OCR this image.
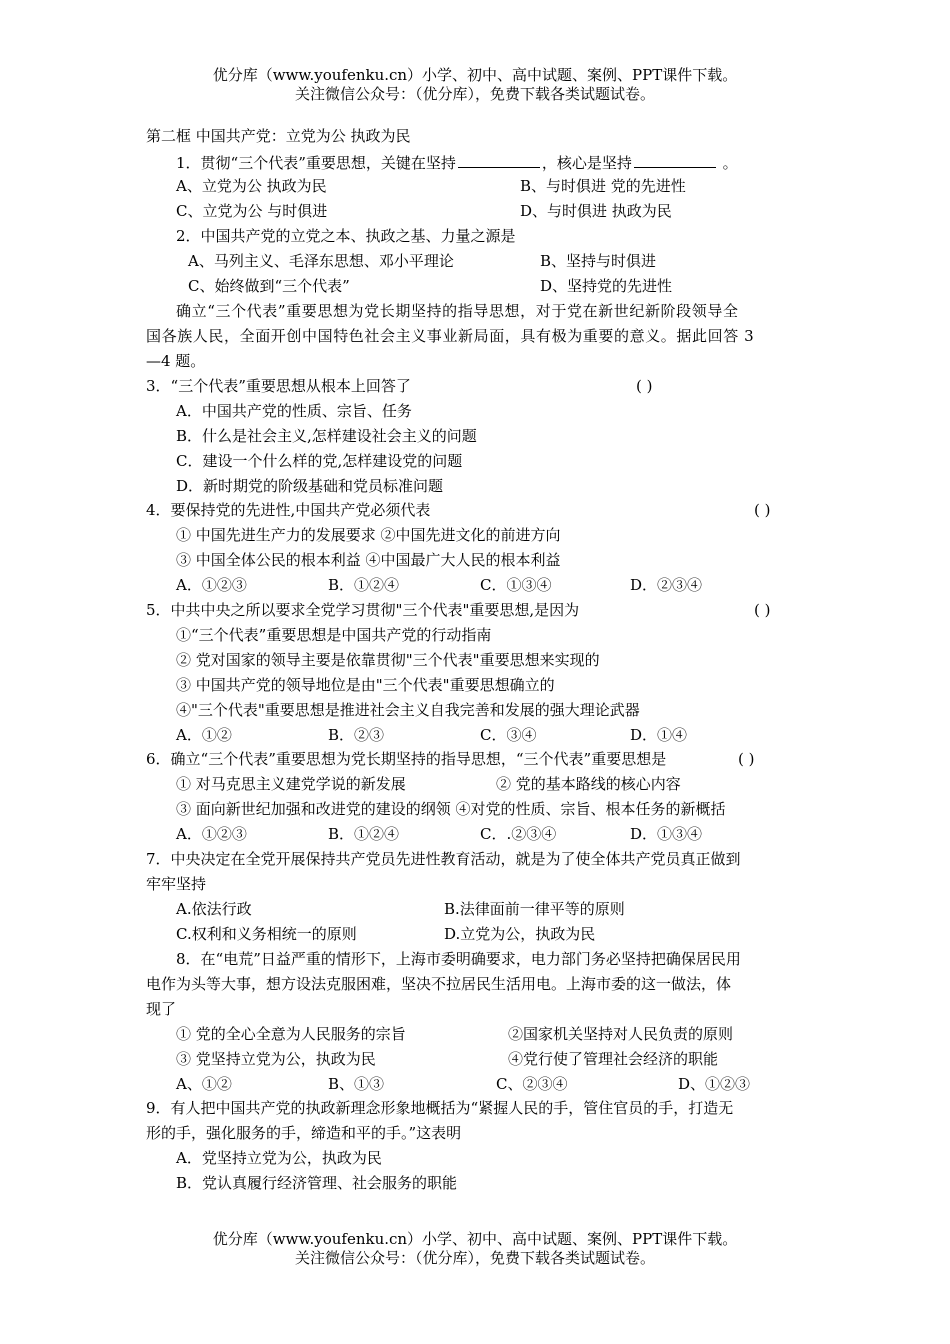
优分库（www.youfenku.cn）小学、初中、高中试题、案例、PPT课件下载。
关注微信公众号：（优分库），免费下载各类试题试卷。
第二框 中国共产党：立党为公 执政为民
1．贯彻“三个代表”重要思想，关键在坚持	，核心是坚持	。
A、立党为公 执政为民	B、与时俱进 党的先进性
C、立党为公 与时俱进	D、与时俱进 执政为民
2．中国共产党的立党之本、执政之基、力量之源是
A、马列主义、毛泽东思想、邓小平理论	B、坚持与时俱进
C、始终做到“三个代表”	D、坚持党的先进性
确立“三个代表”重要思想为党长期坚持的指导思想，对于党在新世纪新阶段领导全
国各族人民，全面开创中国特色社会主义事业新局面，具有极为重要的意义。据此回答 3
—4 题。
3．“三个代表”重要思想从根本上回答了	( )
A．中国共产党的性质、宗旨、任务
B．什么是社会主义,怎样建设社会主义的问题
C．建设一个什么样的党,怎样建设党的问题
D．新时期党的阶级基础和党员标准问题
4．要保持党的先进性,中国共产党必须代表	( )
① 中国先进生产力的发展要求 ②中国先进文化的前进方向
③ 中国全体公民的根本利益 ④中国最广大人民的根本利益
A．①②③	B．①②④	C．①③④	D．②③④
5．中共中央之所以要求全党学习贯彻"三个代表"重要思想,是因为	( )
①“三个代表”重要思想是中国共产党的行动指南
② 党对国家的领导主要是依靠贯彻"三个代表"重要思想来实现的
③ 中国共产党的领导地位是由"三个代表"重要思想确立的
④"三个代表"重要思想是推进社会主义自我完善和发展的强大理论武器
A．①②	B．②③	C．③④	D．①④
6．确立“三个代表”重要思想为党长期坚持的指导思想，“三个代表”重要思想是	( )
① 对马克思主义建党学说的新发展	② 党的基本路线的核心内容
③ 面向新世纪加强和改进党的建设的纲领 ④对党的性质、宗旨、根本任务的新概括
A．①②③	B．①②④	C．.②③④	D．①③④
7．中央决定在全党开展保持共产党员先进性教育活动，就是为了使全体共产党员真正做到
牢牢坚持
A.依法行政	B.法律面前一律平等的原则
C.权利和义务相统一的原则	D.立党为公，执政为民
8．在“电荒”日益严重的情形下，上海市委明确要求，电力部门务必坚持把确保居民用
电作为头等大事，想方设法克服困难，坚决不拉居民生活用电。上海市委的这一做法，体
现了
① 党的全心全意为人民服务的宗旨	②国家机关坚持对人民负责的原则
③ 党坚持立党为公，执政为民	④党行使了管理社会经济的职能
A、①②	B、①③	C、②③④	D、①②③
9．有人把中国共产党的执政新理念形象地概括为“紧握人民的手，管住官员的手，打造无
形的手，强化服务的手，缔造和平的手。”这表明
A．党坚持立党为公，执政为民
B．党认真履行经济管理、社会服务的职能
优分库（www.youfenku.cn）小学、初中、高中试题、案例、PPT课件下载。
关注微信公众号：（优分库），免费下载各类试题试卷。
